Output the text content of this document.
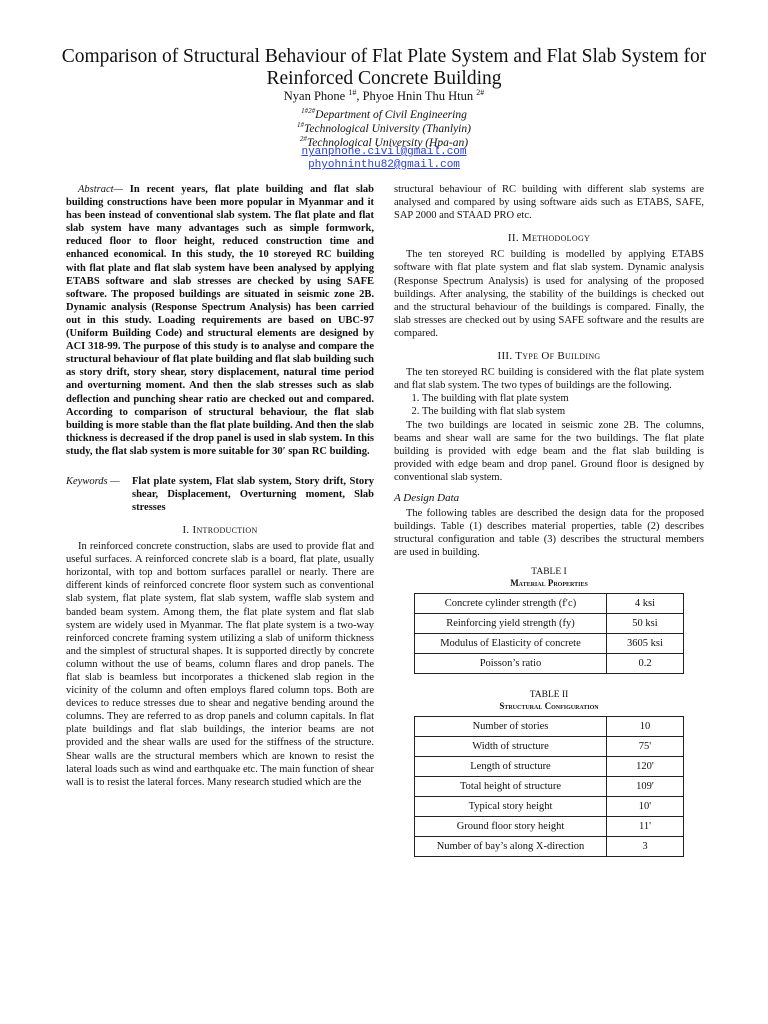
Comparison of Structural Behaviour of Flat Plate System and Flat Slab System for Reinforced Concrete Building
Nyan Phone $^{1\#}$, Phyoe Hnin Thu Htun $^{2\#}$
$^{1\#2\#}$Department of Civil Engineering
$^{1\#}$Technological University (Thanlyin)
$^{2\#}$Technological University (Hpa-an)
nyanphone.civil@gmail.com
phyohninthu82@gmail.com

Abstract— In recent years, flat plate building and flat slab building constructions have been more popular in Myanmar and it has been instead of conventional slab system. The flat plate and flat slab system have many advantages such as simple formwork, reduced floor to floor height, reduced construction time and enhanced economical. In this study, the 10 storeyed RC building with flat plate and flat slab system have been analysed by applying ETABS software and slab stresses are checked by using SAFE software. The proposed buildings are situated in seismic zone 2B. Dynamic analysis (Response Spectrum Analysis) has been carried out in this study. Loading requirements are based on UBC-97 (Uniform Building Code) and structural elements are designed by ACI 318-99. The purpose of this study is to analyse and compare the structural behaviour of flat plate building and flat slab building such as story drift, story shear, story displacement, natural time period and overturning moment. And then the slab stresses such as slab deflection and punching shear ratio are checked out and compared. According to comparison of structural behaviour, the flat slab building is more stable than the flat plate building. And then the slab thickness is decreased if the drop panel is used in slab system. In this study, the flat slab system is more suitable for 30′ span RC building.

Keywords —	Flat plate system, Flat slab system, Story drift, Story shear, Displacement, Overturning moment, Slab stresses

I. Introduction

In reinforced concrete construction, slabs are used to provide flat and useful surfaces. A reinforced concrete slab is a board, flat plate, usually horizontal, with top and bottom surfaces parallel or nearly. There are different kinds of reinforced concrete floor system such as conventional slab system, flat plate system, flat slab system, waffle slab system and banded beam system. Among them, the flat plate system and flat slab system are widely used in Myanmar. The flat plate system is a two-way reinforced concrete framing system utilizing a slab of uniform thickness and the simplest of structural shapes. It is supported directly by concrete column without the use of beams, column flares and drop panels. The flat slab is beamless but incorporates a thickened slab region in the vicinity of the column and often employs flared column tops. Both are devices to reduce stresses due to shear and negative bending around the columns. They are referred to as drop panels and column capitals. In flat plate buildings and flat slab buildings, the interior beams are not provided and the shear walls are used for the stiffness of the structure. Shear walls are the structural members which are known to resist the lateral loads such as wind and earthquake etc. The main function of shear wall is to resist the lateral forces. Many research studied which are the

structural behaviour of RC building with different slab systems are analysed and compared by using software aids such as ETABS, SAFE, SAP 2000 and STAAD PRO etc.

II. Methodology

The ten storeyed RC building is modelled by applying ETABS software with flat plate system and flat slab system. Dynamic analysis (Response Spectrum Analysis) is used for analysing of the proposed buildings. After analysing, the stability of the buildings is checked out and the structural behaviour of the buildings is compared. Finally, the slab stresses are checked out by using SAFE software and the results are compared.

III. Type Of Building

The ten storeyed RC building is considered with the flat plate system and flat slab system. The two types of buildings are the following.

1. The building with flat plate system
2. The building with flat slab system

The two buildings are located in seismic zone 2B. The columns, beams and shear wall are same for the two buildings. The flat plate building is provided with edge beam and the flat slab building is provided with edge beam and drop panel. Ground floor is designed by conventional slab system.

A Design Data

The following tables are described the design data for the proposed buildings. Table (1) describes material properties, table (2) describes structural configuration and table (3) describes the structural members are used in building.

TABLE I
Material Properties
Concrete cylinder strength (f′c)	4 ksi
Reinforcing yield strength (fy)	50 ksi
Modulus of Elasticity of concrete	3605 ksi
Poisson’s ratio	0.2
TABLE II
Structural Configuration
Number of stories	10
Width of structure	75'
Length of structure	120'
Total height of structure	109'
Typical story height	10'
Ground floor story height	11'
Number of bay’s along X-direction	3
